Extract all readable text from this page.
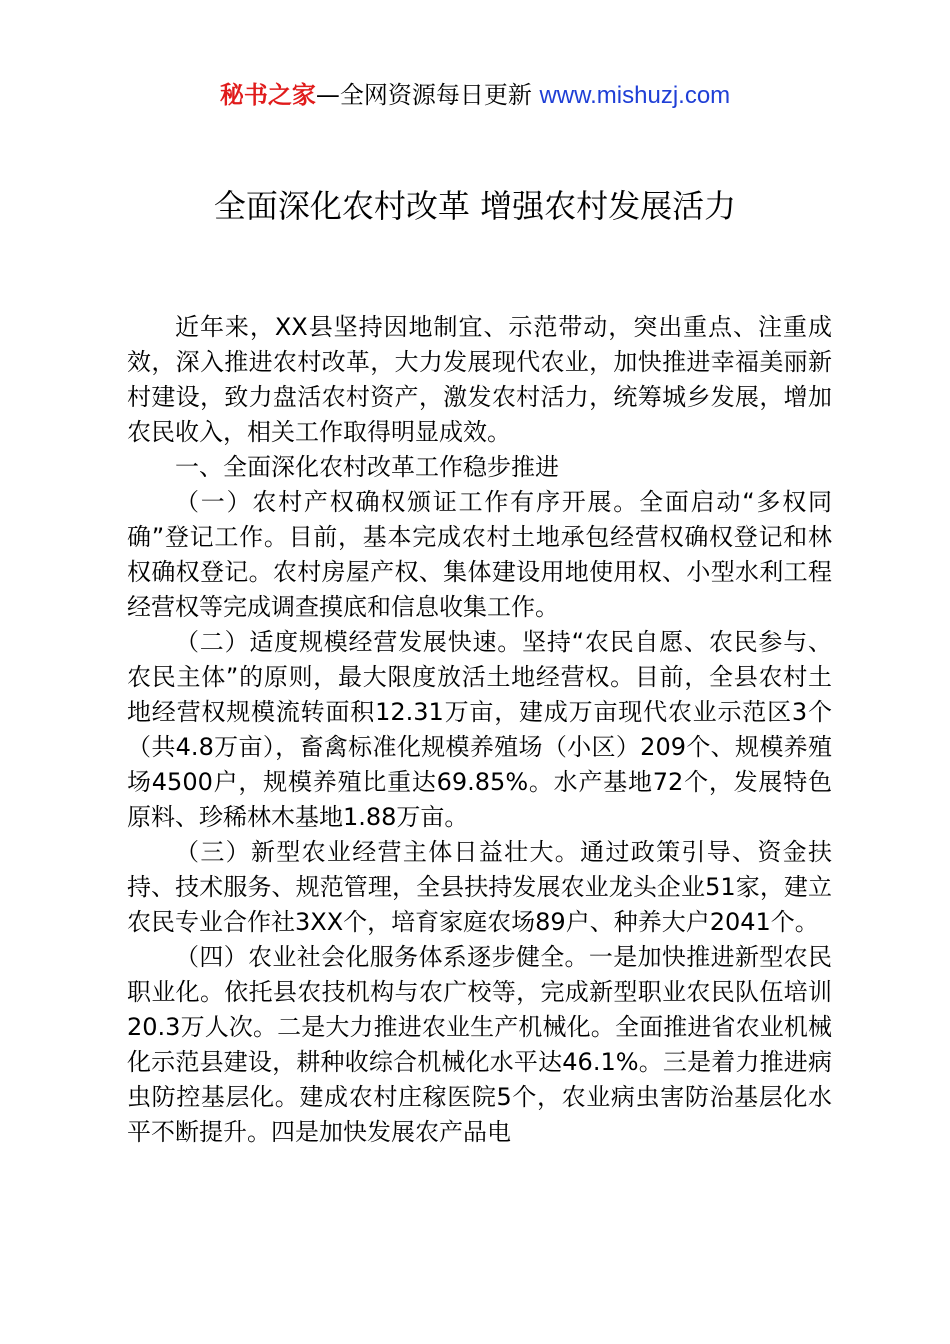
秘书之家—全网资源每日更新 www.mishuzj.com
全面深化农村改革 增强农村发展活力

近年来，XX县坚持因地制宜、示范带动，突出重点、注重成效，深入推进农村改革，大力发展现代农业，加快推进幸福美丽新村建设，致力盘活农村资产，激发农村活力，统筹城乡发展，增加农民收入，相关工作取得明显成效。

一、全面深化农村改革工作稳步推进

（一）农村产权确权颁证工作有序开展。全面启动“多权同确”登记工作。目前，基本完成农村土地承包经营权确权登记和林权确权登记。农村房屋产权、集体建设用地使用权、小型水利工程经营权等完成调查摸底和信息收集工作。

（二）适度规模经营发展快速。坚持“农民自愿、农民参与、农民主体”的原则，最大限度放活土地经营权。目前，全县农村土地经营权规模流转面积12.31万亩，建成万亩现代农业示范区3个（共4.8万亩），畜禽标准化规模养殖场（小区）209个、规模养殖场4500户，规模养殖比重达69.85%。水产基地72个，发展特色原料、珍稀林木基地1.88万亩。

（三）新型农业经营主体日益壮大。通过政策引导、资金扶持、技术服务、规范管理，全县扶持发展农业龙头企业51家，建立农民专业合作社3XX个，培育家庭农场89户、种养大户2041个。

（四）农业社会化服务体系逐步健全。一是加快推进新型农民职业化。依托县农技机构与农广校等，完成新型职业农民队伍培训20.3万人次。二是大力推进农业生产机械化。全面推进省农业机械化示范县建设，耕种收综合机械化水平达46.1%。三是着力推进病虫防控基层化。建成农村庄稼医院5个，农业病虫害防治基层化水平不断提升。四是加快发展农产品电
